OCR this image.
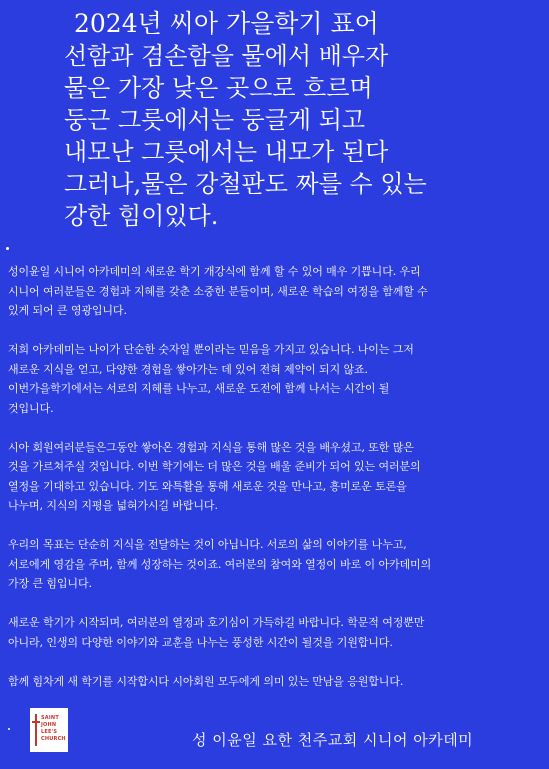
2024년 씨아 가을학기 표어
선함과 겸손함을 물에서 배우자
물은 가장 낮은 곳으로 흐르며
둥근 그릇에서는 둥글게 되고
내모난 그릇에서는 내모가 된다
그러나,물은 강철판도 짜를 수 있는
강한 힘이있다.

성이윤일 시니어 아카데미의 새로운 학기 개강식에 함께 할 수 있어 매우 기쁩니다. 우리
시니어 여러분들은 경험과 지혜를 갖춘 소중한 분들이며, 새로운 학습의 여정을 함께할 수
있게 되어 큰 영광입니다.

저희 아카데미는 나이가 단순한 숫자일 뿐이라는 믿음을 가지고 있습니다. 나이는 그저
새로운 지식을 얻고, 다양한 경험을 쌓아가는 데 있어 전혀 제약이 되지 않죠.
이번가을학기에서는 서로의 지혜를 나누고, 새로운 도전에 함께 나서는 시간이 될
것입니다.

시아 회원여러분들은그동안 쌓아온 경험과 지식을 통해 많은 것을 배우셨고, 또한 많은
것을 가르쳐주실 것입니다. 이번 학기에는 더 많은 것을 배울 준비가 되어 있는 여러분의
열정을 기대하고 있습니다. 기도 와특활을 통해 새로운 것을 만나고, 흥미로운 토론을
나누며, 지식의 지평을 넓혀가시길 바랍니다.

우리의 목표는 단순히 지식을 전달하는 것이 아닙니다. 서로의 삶의 이야기를 나누고,
서로에게 영감을 주며, 함께 성장하는 것이죠. 여러분의 참여와 열정이 바로 이 아카데미의
가장 큰 힘입니다.

새로운 학기가 시작되며, 여러분의 열정과 호기심이 가득하길 바랍니다. 학문적 여정뿐만
아니라, 인생의 다양한 이야기와 교훈을 나누는 풍성한 시간이 될것을 기원합니다.

함께 힘차게 새 학기를 시작합시다 시아회원 모두에게 의미 있는 만남을 응원합니다.

SAINT
JOHN
LEE'S
CHURCH	성 이윤일 요한 천주교회 시니어 아카데미
